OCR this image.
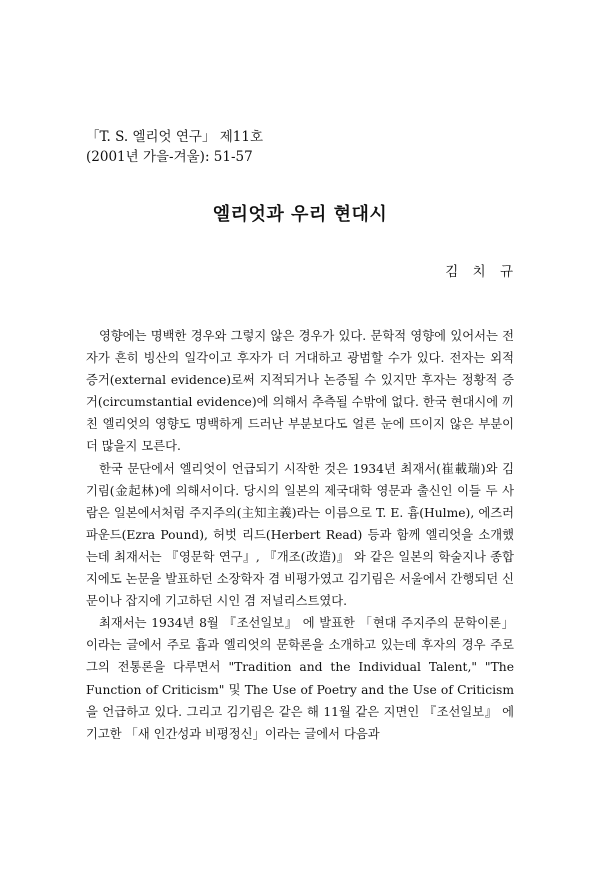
「T. S. 엘리엇 연구」 제11호
(2001년 가을-겨울): 51-57
엘리엇과 우리 현대시
김 치 규

영향에는 명백한 경우와 그렇지 않은 경우가 있다. 문학적 영향에 있어서는 전자가 흔히 빙산의 일각이고 후자가 더 거대하고 광범할 수가 있다. 전자는 외적 증거(external evidence)로써 지적되거나 논증될 수 있지만 후자는 정황적 증거(circumstantial evidence)에 의해서 추측될 수밖에 없다. 한국 현대시에 끼친 엘리엇의 영향도 명백하게 드러난 부분보다도 얼른 눈에 뜨이지 않은 부분이 더 많을지 모른다.

한국 문단에서 엘리엇이 언급되기 시작한 것은 1934년 최재서(崔載瑞)와 김기림(金起林)에 의해서이다. 당시의 일본의 제국대학 영문과 출신인 이들 두 사람은 일본에서처럼 주지주의(主知主義)라는 이름으로 T. E. 흄(Hulme), 에즈러 파운드(Ezra Pound), 허벗 리드(Herbert Read) 등과 함께 엘리엇을 소개했는데 최재서는 『영문학 연구』, 『개조(改造)』 와 같은 일본의 학술지나 종합지에도 논문을 발표하던 소장학자 겸 비평가였고 김기림은 서울에서 간행되던 신문이나 잡지에 기고하던 시인 겸 저널리스트였다.

최재서는 1934년 8월 『조선일보』 에 발표한 「현대 주지주의 문학이론」이라는 글에서 주로 흄과 엘리엇의 문학론을 소개하고 있는데 후자의 경우 주로 그의 전통론을 다루면서 "Tradition and the Individual Talent," "The Function of Criticism" 및 The Use of Poetry and the Use of Criticism을 언급하고 있다. 그리고 김기림은 같은 해 11월 같은 지면인 『조선일보』 에 기고한 「새 인간성과 비평정신」이라는 글에서 다음과
